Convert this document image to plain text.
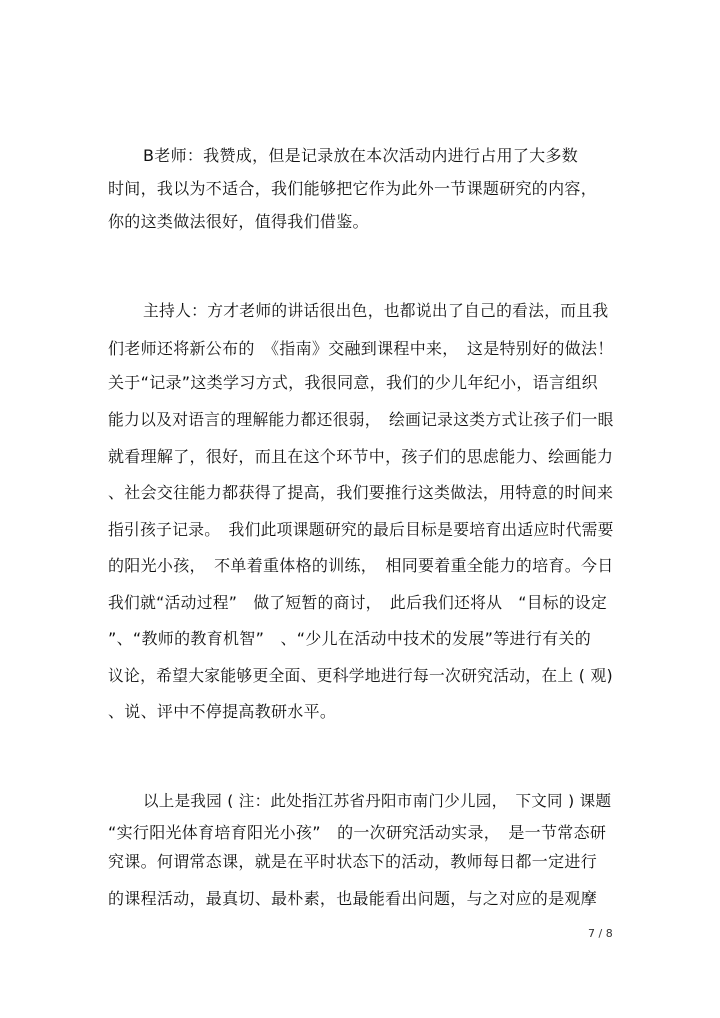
B老师：我赞成，但是记录放在本次活动内进行占用了大多数
时间，我以为不适合，我们能够把它作为此外一节课题研究的内容，
你的这类做法很好，值得我们借鉴。
主持人：方才老师的讲话很出色，也都说出了自己的看法，而且我
们老师还将新公布的　《指南》交融到课程中来，　这是特别好的做法！
关于“记录”这类学习方式，我很同意，我们的少儿年纪小，语言组织
能力以及对语言的理解能力都还很弱，　绘画记录这类方式让孩子们一眼
就看理解了，很好，而且在这个环节中，孩子们的思虑能力、绘画能力
、社会交往能力都获得了提高，我们要推行这类做法，用特意的时间来
指引孩子记录。　我们此项课题研究的最后目标是要培育出适应时代需要
的阳光小孩，　不单着重体格的训练，　相同要着重全能力的培育。今日
我们就“活动过程”　做了短暂的商讨，　此后我们还将从　“目标的设定
”、“教师的教育机智”　、“少儿在活动中技术的发展”等进行有关的
议论，希望大家能够更全面、更科学地进行每一次研究活动，在上 ( 观)
、说、评中不停提高教研水平。
以上是我园 ( 注：此处指江苏省丹阳市南门少儿园，　下文同 ) 课题
“实行阳光体育培育阳光小孩”　的一次研究活动实录，　是一节常态研
究课。何谓常态课，就是在平时状态下的活动，教师每日都一定进行
的课程活动，最真切、最朴素，也最能看出问题，与之对应的是观摩
7 / 8
